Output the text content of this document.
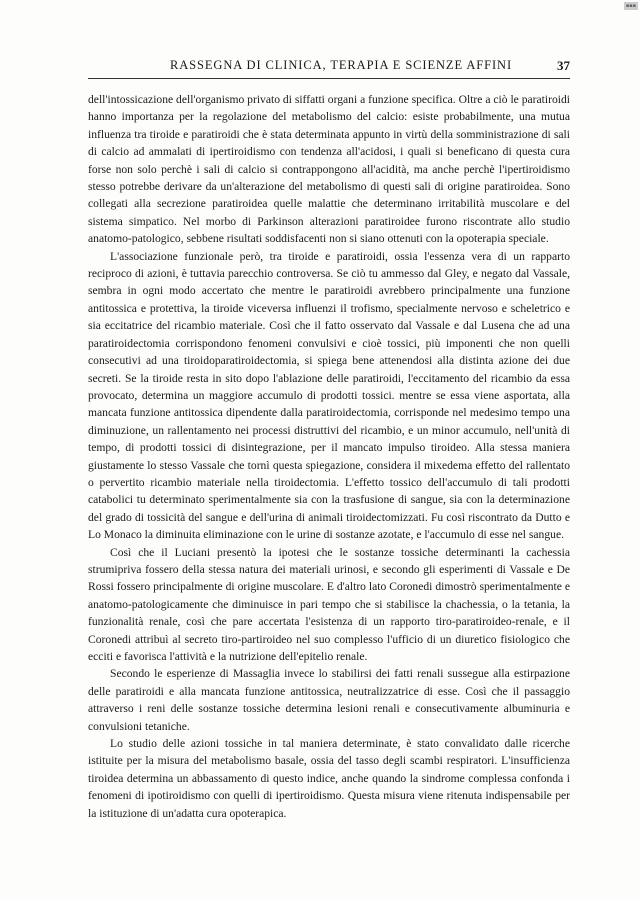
▪▪▪
RASSEGNA DI CLINICA, TERAPIA E SCIENZE AFFINI	37

dell'intossicazione dell'organismo privato di siffatti organi a funzione specifica. Oltre a ciò le paratiroidi hanno importanza per la regolazione del metabolismo del calcio: esiste probabilmente, una mutua influenza tra tiroide e paratiroidi che è stata determinata appunto in virtù della somministrazione di sali di calcio ad ammalati di ipertiroidismo con tendenza all'acidosi, i quali si beneficano di questa cura forse non solo perchè i sali di calcio si contrappongono all'acidità, ma anche perchè l'ipertiroidismo stesso potrebbe derivare da un'alterazione del metabolismo di questi sali di origine paratiroidea. Sono collegati alla secrezione paratiroidea quelle malattie che determinano irritabilità muscolare e del sistema simpatico. Nel morbo di Parkinson alterazioni paratiroidee furono riscontrate allo studio anatomo-patologico, sebbene risultati soddisfacenti non si siano ottenuti con la opoterapia speciale.

L'associazione funzionale però, tra tiroide e paratiroidi, ossia l'essenza vera di un rapparto reciproco di azioni, è tuttavia parecchio controversa. Se ciò tu ammesso dal Gley, e negato dal Vassale, sembra in ogni modo accertato che mentre le paratiroidi avrebbero principalmente una funzione antitossica e protettiva, la tiroide viceversa influenzi il trofismo, specialmente nervoso e scheletrico e sia eccitatrice del ricambio materiale. Così che il fatto osservato dal Vassale e dal Lusena che ad una paratiroidectomia corrispondono fenomeni convulsivi e cioè tossici, più imponenti che non quelli consecutivi ad una tiroidoparatiroidectomia, si spiega bene attenendosi alla distinta azione dei due secreti. Se la tiroide resta in sito dopo l'ablazione delle paratiroidi, l'eccitamento del ricambio da essa provocato, determina un maggiore accumulo di prodotti tossici. mentre se essa viene asportata, alla mancata funzione antitossica dipendente dalla paratiroidectomia, corrisponde nel medesimo tempo una diminuzione, un rallentamento nei processi distruttivi del ricambio, e un minor accumulo, nell'unità di tempo, di prodotti tossici di disintegrazione, per il mancato impulso tiroideo. Alla stessa maniera giustamente lo stesso Vassale che tornì questa spiegazione, considera il mixedema effetto del rallentato o pervertito ricambio materiale nella tiroidectomia. L'effetto tossico dell'accumulo di tali prodotti catabolici tu determinato sperimentalmente sia con la trasfusione di sangue, sia con la determinazione del grado di tossicità del sangue e dell'urina di animali tiroidectomizzati. Fu così riscontrato da Dutto e Lo Monaco la diminuita eliminazione con le urine di sostanze azotate, e l'accumulo di esse nel sangue.

Così che il Luciani presentò la ipotesi che le sostanze tossiche determinanti la cachessia strumipriva fossero della stessa natura dei materiali urinosi, e secondo gli esperimenti di Vassale e De Rossi fossero principalmente di origine muscolare. E d'altro lato Coronedi dimostrò sperimentalmente e anatomo-patologicamente che diminuisce in pari tempo che si stabilisce la chachessia, o la tetania, la funzionalità renale, così che pare accertata l'esistenza di un rapporto tiro-paratiroideo-renale, e il Coronedi attribuì al secreto tiro-partiroideo nel suo complesso l'ufficio di un diuretico fisiologico che ecciti e favorisca l'attività e la nutrizione dell'epitelio renale.

Secondo le esperienze di Massaglia invece lo stabilirsi dei fatti renali sussegue alla estirpazione delle paratiroidi e alla mancata funzione antitossica, neutralizzatrice di esse. Così che il passaggio attraverso i reni delle sostanze tossiche determina lesioni renali e consecutivamente albuminuria e convulsioni tetaniche.

Lo studio delle azioni tossiche in tal maniera determinate, è stato convalidato dalle ricerche istituite per la misura del metabolismo basale, ossia del tasso degli scambi respiratori. L'insufficienza tiroidea determina un abbassamento di questo indice, anche quando la sindrome complessa confonda i fenomeni di ipotiroidismo con quelli di ipertiroidismo. Questa misura viene ritenuta indispensabile per la istituzione di un'adatta cura opoterapica.
